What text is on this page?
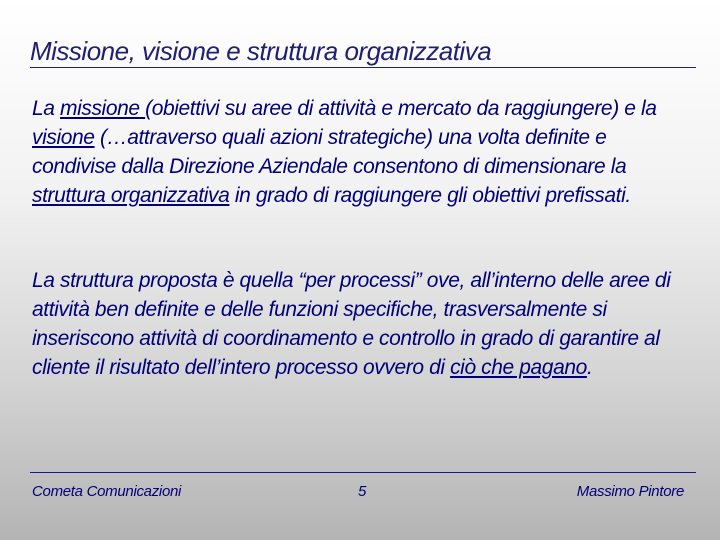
Missione, visione e struttura organizzativa

La missione (obiettivi su aree di attività e mercato da raggiungere) e la visione (…attraverso quali azioni strategiche) una volta definite e condivise dalla Direzione Aziendale consentono di dimensionare la struttura organizzativa in grado di raggiungere gli obiettivi prefissati.

La struttura proposta è quella “per processi” ove, all’interno delle aree di attività ben definite e delle funzioni specifiche, trasversalmente si inseriscono attività di coordinamento e controllo in grado di garantire al cliente il risultato dell’intero processo ovvero di ciò che pagano.

Cometa Comunicazioni	5	Massimo Pintore
